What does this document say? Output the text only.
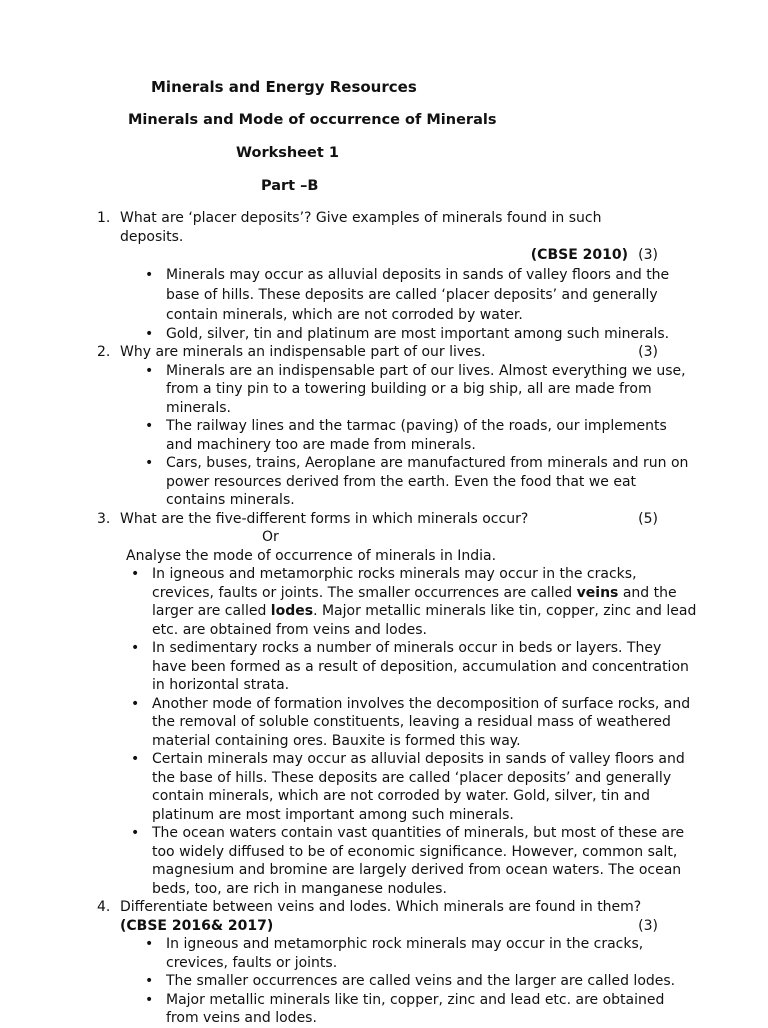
Minerals and Energy Resources
Minerals and Mode of occurrence of Minerals
Worksheet 1
Part –B
1. What are ‘placer deposits’? Give examples of minerals found in such deposits.
(CBSE 2010) (3)
• Minerals may occur as alluvial deposits in sands of valley floors and the base of hills. These deposits are called ‘placer deposits’ and generally contain minerals, which are not corroded by water.
• Gold, silver, tin and platinum are most important among such minerals.
2. Why are minerals an indispensable part of our lives.	(3)
• Minerals are an indispensable part of our lives. Almost everything we use, from a tiny pin to a towering building or a big ship, all are made from minerals.
• The railway lines and the tarmac (paving) of the roads, our implements and machinery too are made from minerals.
• Cars, buses, trains, Aeroplane are manufactured from minerals and run on power resources derived from the earth. Even the food that we eat contains minerals.
3. What are the five-different forms in which minerals occur?	(5)
Or
Analyse the mode of occurrence of minerals in India.
• In igneous and metamorphic rocks minerals may occur in the cracks, crevices, faults or joints. The smaller occurrences are called veins and the larger are called lodes. Major metallic minerals like tin, copper, zinc and lead etc. are obtained from veins and lodes.
• In sedimentary rocks a number of minerals occur in beds or layers. They have been formed as a result of deposition, accumulation and concentration in horizontal strata.
• Another mode of formation involves the decomposition of surface rocks, and the removal of soluble constituents, leaving a residual mass of weathered material containing ores. Bauxite is formed this way.
• Certain minerals may occur as alluvial deposits in sands of valley floors and the base of hills. These deposits are called ‘placer deposits’ and generally contain minerals, which are not corroded by water. Gold, silver, tin and platinum are most important among such minerals.
• The ocean waters contain vast quantities of minerals, but most of these are too widely diffused to be of economic significance. However, common salt, magnesium and bromine are largely derived from ocean waters. The ocean beds, too, are rich in manganese nodules.
4. Differentiate between veins and lodes. Which minerals are found in them?
(CBSE 2016& 2017)	(3)
• In igneous and metamorphic rock minerals may occur in the cracks, crevices, faults or joints.
• The smaller occurrences are called veins and the larger are called lodes.
• Major metallic minerals like tin, copper, zinc and lead etc. are obtained from veins and lodes.
